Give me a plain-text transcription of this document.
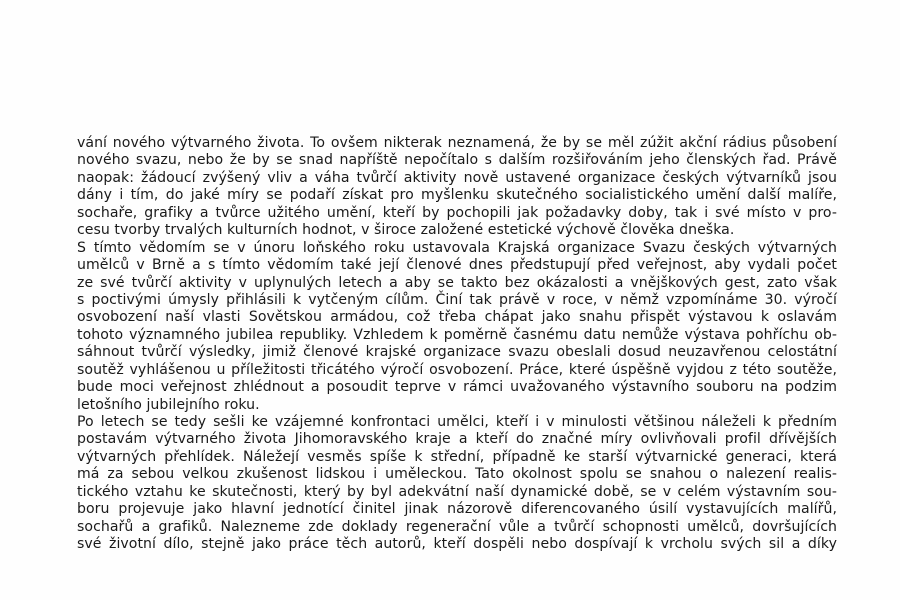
vání nového výtvarného života. To ovšem nikterak neznamená, že by se měl zúžit akční rádius působení
nového svazu, nebo že by se snad napříště nepočítalo s dalším rozšiřováním jeho členských řad. Právě
naopak: žádoucí zvýšený vliv a váha tvůrčí aktivity nově ustavené organizace českých výtvarníků jsou
dány i tím, do jaké míry se podaří získat pro myšlenku skutečného socialistického umění další malíře,
sochaře, grafiky a tvůrce užitého umění, kteří by pochopili jak požadavky doby, tak i své místo v pro-
cesu tvorby trvalých kulturních hodnot, v široce založené estetické výchově člověka dneška.
S tímto vědomím se v únoru loňského roku ustavovala Krajská organizace Svazu českých výtvarných
umělců v Brně a s tímto vědomím také její členové dnes předstupují před veřejnost, aby vydali počet
ze své tvůrčí aktivity v uplynulých letech a aby se takto bez okázalosti a vnějškových gest, zato však
s poctivými úmysly přihlásili k vytčeným cílům. Činí tak právě v roce, v němž vzpomínáme 30. výročí
osvobození naší vlasti Sovětskou armádou, což třeba chápat jako snahu přispět výstavou k oslavám
tohoto významného jubilea republiky. Vzhledem k poměrně časnému datu nemůže výstava pohříchu ob-
sáhnout tvůrčí výsledky, jimiž členové krajské organizace svazu obeslali dosud neuzavřenou celostátní
soutěž vyhlášenou u příležitosti třicátého výročí osvobození. Práce, které úspěšně vyjdou z této soutěže,
bude moci veřejnost zhlédnout a posoudit teprve v rámci uvažovaného výstavního souboru na podzim
letošního jubilejního roku.
Po letech se tedy sešli ke vzájemné konfrontaci umělci, kteří i v minulosti většinou náleželi k předním
postavám výtvarného života Jihomoravského kraje a kteří do značné míry ovlivňovali profil dřívějších
výtvarných přehlídek. Náležejí vesměs spíše k střední, případně ke starší výtvarnické generaci, která
má za sebou velkou zkušenost lidskou i uměleckou. Tato okolnost spolu se snahou o nalezení realis-
tického vztahu ke skutečnosti, který by byl adekvátní naší dynamické době, se v celém výstavním sou-
boru projevuje jako hlavní jednotící činitel jinak názorově diferencovaného úsilí vystavujících malířů,
sochařů a grafiků. Nalezneme zde doklady regenerační vůle a tvůrčí schopnosti umělců, dovršujících
své životní dílo, stejně jako práce těch autorů, kteří dospěli nebo dospívají k vrcholu svých sil a díky
